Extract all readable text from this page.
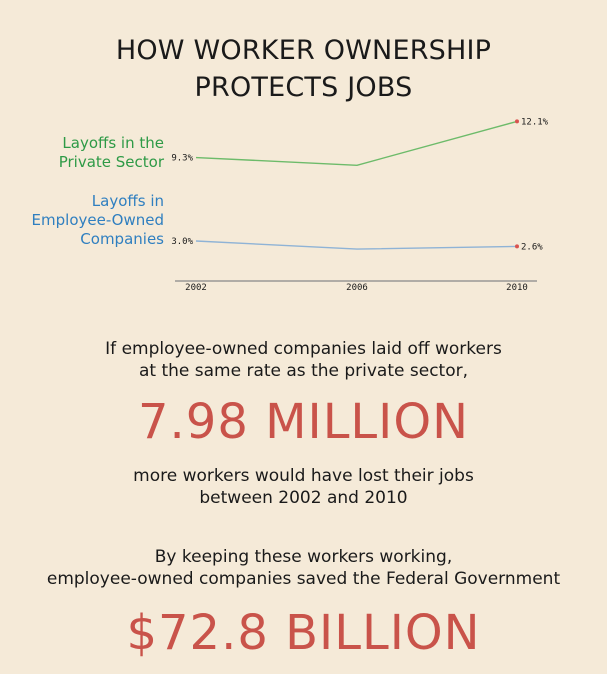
HOW WORKER OWNERSHIP
PROTECTS JOBS
Layoffs in the
Private Sector
Layoffs in
Employee-Owned
Companies
2002	2006	2010
9.3%
12.1%
3.0%
2.6%
If employee-owned companies laid off workers
at the same rate as the private sector,
7.98 MILLION
more workers would have lost their jobs
between 2002 and 2010
By keeping these workers working,
employee-owned companies saved the Federal Government
$72.8 BILLION
